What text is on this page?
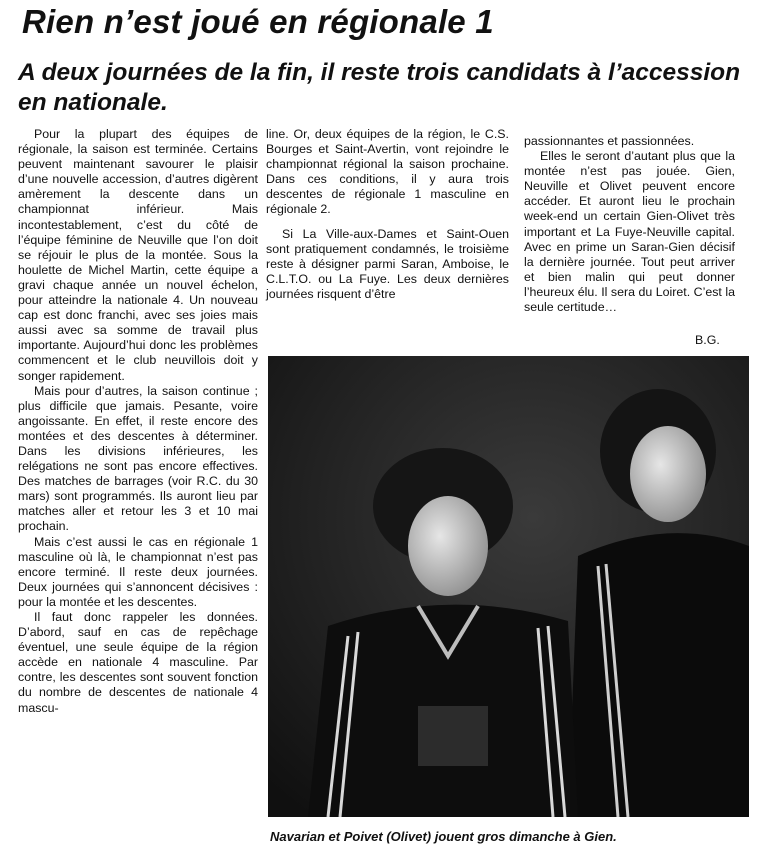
Rien n’est joué en régionale 1
A deux journées de la fin, il reste trois candidats à l’accession en nationale.

Pour la plupart des équipes de régionale, la saison est terminée. Certains peuvent maintenant savourer le plaisir d’une nouvelle accession, d’autres digèrent amèrement la descente dans un championnat inférieur. Mais incontestablement, c’est du côté de l’équipe féminine de Neuville que l’on doit se réjouir le plus de la montée. Sous la houlette de Michel Martin, cette équipe a gravi chaque année un nouvel échelon, pour atteindre la nationale 4. Un nouveau cap est donc franchi, avec ses joies mais aussi avec sa somme de travail plus importante. Aujourd’hui donc les problèmes commencent et le club neuvillois doit y songer rapidement.

Mais pour d’autres, la saison continue ; plus difficile que jamais. Pesante, voire angoissante. En effet, il reste encore des montées et des descentes à déterminer. Dans les divisions inférieures, les relégations ne sont pas encore effectives. Des matches de barrages (voir R.C. du 30 mars) sont programmés. Ils auront lieu par matches aller et retour les 3 et 10 mai prochain.

Mais c’est aussi le cas en régionale 1 masculine où là, le championnat n’est pas encore terminé. Il reste deux journées. Deux journées qui s’annoncent décisives : pour la montée et les descentes.

Il faut donc rappeler les données. D’abord, sauf en cas de repêchage éventuel, une seule équipe de la région accède en nationale 4 masculine. Par contre, les descentes sont souvent fonction du nombre de descentes de nationale 4 mascu-

line. Or, deux équipes de la région, le C.S. Bourges et Saint-Avertin, vont rejoindre le championnat régional la saison prochaine. Dans ces conditions, il y aura trois descentes de régionale 1 masculine en régionale 2.

Si La Ville-aux-Dames et Saint-Ouen sont pratiquement condamnés, le troisième reste à désigner parmi Saran, Amboise, le C.L.T.O. ou La Fuye. Les deux dernières journées risquent d’être

passionnantes et passionnées.

Elles le seront d’autant plus que la montée n’est pas jouée. Gien, Neuville et Olivet peuvent encore accéder. Et auront lieu le prochain week-end un certain Gien-Olivet très important et La Fuye-Neuville capital. Avec en prime un Saran-Gien décisif la dernière journée. Tout peut arriver et bien malin qui peut donner l’heureux élu. Il sera du Loiret. C’est la seule certitude…

B.G.
Navarian et Poivet (Olivet) jouent gros dimanche à Gien.
